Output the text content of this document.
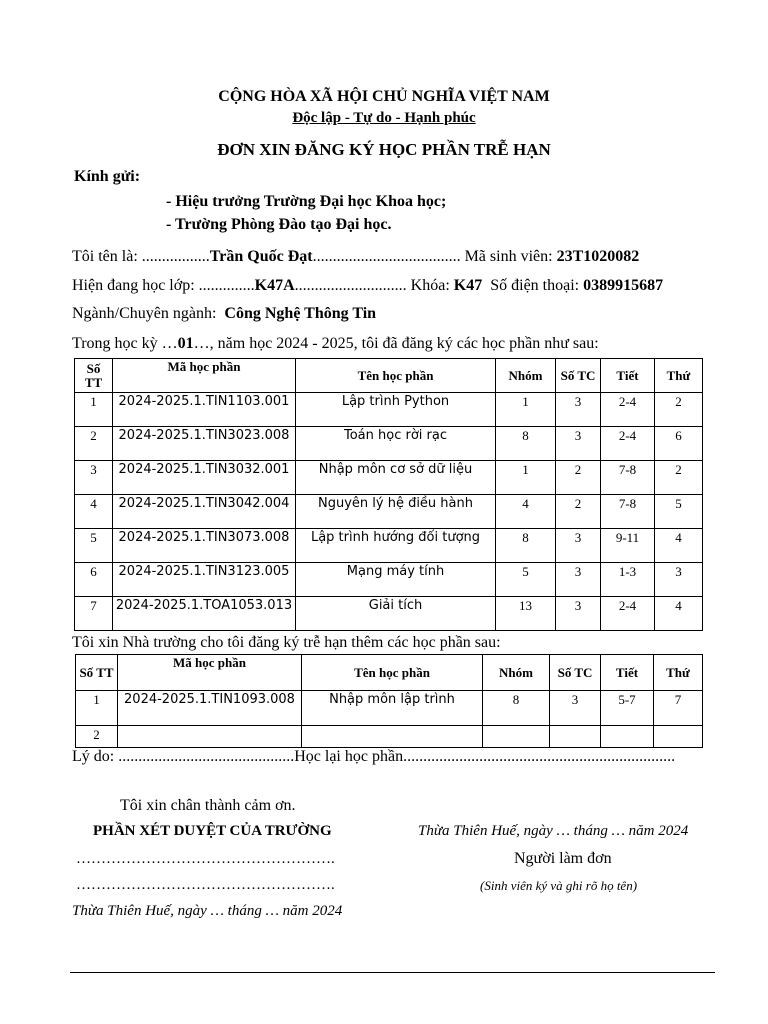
CỘNG HÒA XÃ HỘI CHỦ NGHĨA VIỆT NAM
Độc lập - Tự do - Hạnh phúc
ĐƠN XIN ĐĂNG KÝ HỌC PHẦN TRỄ HẠN
Kính gửi:
- Hiệu trưởng Trường Đại học Khoa học;
- Trường Phòng Đào tạo Đại học.
Tôi tên là: .................Trần Quốc Đạt..................................... Mã sinh viên: 23T1020082
Hiện đang học lớp: ..............K47A............................ Khóa: K47  Số điện thoại: 0389915687
Ngành/Chuyên ngành:  Công Nghệ Thông Tin
Trong học kỳ …01…, năm học 2024 - 2025, tôi đã đăng ký các học phần như sau:
Số TT	Mã học phần	Tên học phần	Nhóm	Số TC	Tiết	Thứ
1	2024-2025.1.TIN1103.001	Lập trình Python	1	3	2-4	2
2	2024-2025.1.TIN3023.008	Toán học rời rạc	8	3	2-4	6
3	2024-2025.1.TIN3032.001	Nhập môn cơ sở dữ liệu	1	2	7-8	2
4	2024-2025.1.TIN3042.004	Nguyên lý hệ điều hành	4	2	7-8	5
5	2024-2025.1.TIN3073.008	Lập trình hướng đối tượng	8	3	9-11	4
6	2024-2025.1.TIN3123.005	Mạng máy tính	5	3	1-3	3
7	2024-2025.1.TOA1053.013	Giải tích	13	3	2-4	4
Tôi xin Nhà trường cho tôi đăng ký trễ hạn thêm các học phần sau:
Số TT	Mã học phần	Tên học phần	Nhóm	Số TC	Tiết	Thứ
1	2024-2025.1.TIN1093.008	Nhập môn lập trình	8	3	5-7	7
2						
Lý do: ............................................Học lại học phần....................................................................
Tôi xin chân thành cảm ơn.
PHẦN XÉT DUYỆT CỦA TRƯỜNG	Thừa Thiên Huế, ngày … tháng … năm 2024
…………………………………………….	Người làm đơn
…………………………………………….	(Sinh viên ký và ghi rõ họ tên)
Thừa Thiên Huế, ngày … tháng … năm 2024
